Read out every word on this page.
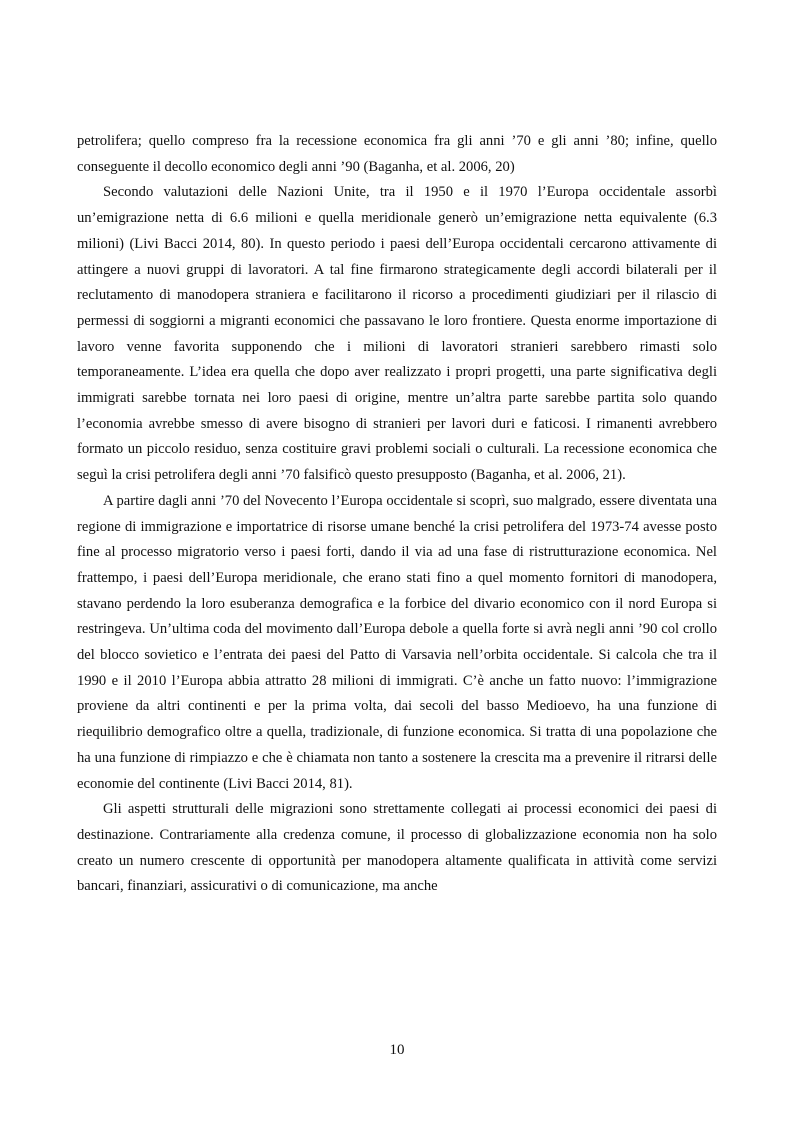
petrolifera; quello compreso fra la recessione economica fra gli anni ’70 e gli anni ’80; infine, quello conseguente il decollo economico degli anni ’90 (Baganha, et al. 2006, 20)

Secondo valutazioni delle Nazioni Unite, tra il 1950 e il 1970 l’Europa occidentale assorbì un’emigrazione netta di 6.6 milioni e quella meridionale generò un’emigrazione netta equivalente (6.3 milioni) (Livi Bacci 2014, 80). In questo periodo i paesi dell’Europa occidentali cercarono attivamente di attingere a nuovi gruppi di lavoratori. A tal fine firmarono strategicamente degli accordi bilaterali per il reclutamento di manodopera straniera e facilitarono il ricorso a procedimenti giudiziari per il rilascio di permessi di soggiorni a migranti economici che passavano le loro frontiere. Questa enorme importazione di lavoro venne favorita supponendo che i milioni di lavoratori stranieri sarebbero rimasti solo temporaneamente. L’idea era quella che dopo aver realizzato i propri progetti, una parte significativa degli immigrati sarebbe tornata nei loro paesi di origine, mentre un’altra parte sarebbe partita solo quando l’economia avrebbe smesso di avere bisogno di stranieri per lavori duri e faticosi. I rimanenti avrebbero formato un piccolo residuo, senza costituire gravi problemi sociali o culturali. La recessione economica che seguì la crisi petrolifera degli anni ’70 falsificò questo presupposto (Baganha, et al. 2006, 21).

A partire dagli anni ’70 del Novecento l’Europa occidentale si scoprì, suo malgrado, essere diventata una regione di immigrazione e importatrice di risorse umane benché la crisi petrolifera del 1973-74 avesse posto fine al processo migratorio verso i paesi forti, dando il via ad una fase di ristrutturazione economica. Nel frattempo, i paesi dell’Europa meridionale, che erano stati fino a quel momento fornitori di manodopera, stavano perdendo la loro esuberanza demografica e la forbice del divario economico con il nord Europa si restringeva. Un’ultima coda del movimento dall’Europa debole a quella forte si avrà negli anni ’90 col crollo del blocco sovietico e l’entrata dei paesi del Patto di Varsavia nell’orbita occidentale. Si calcola che tra il 1990 e il 2010 l’Europa abbia attratto 28 milioni di immigrati. C’è anche un fatto nuovo: l’immigrazione proviene da altri continenti e per la prima volta, dai secoli del basso Medioevo, ha una funzione di riequilibrio demografico oltre a quella, tradizionale, di funzione economica. Si tratta di una popolazione che ha una funzione di rimpiazzo e che è chiamata non tanto a sostenere la crescita ma a prevenire il ritrarsi delle economie del continente (Livi Bacci 2014, 81).

Gli aspetti strutturali delle migrazioni sono strettamente collegati ai processi economici dei paesi di destinazione. Contrariamente alla credenza comune, il processo di globalizzazione economia non ha solo creato un numero crescente di opportunità per manodopera altamente qualificata in attività come servizi bancari, finanziari, assicurativi o di comunicazione, ma anche

10
